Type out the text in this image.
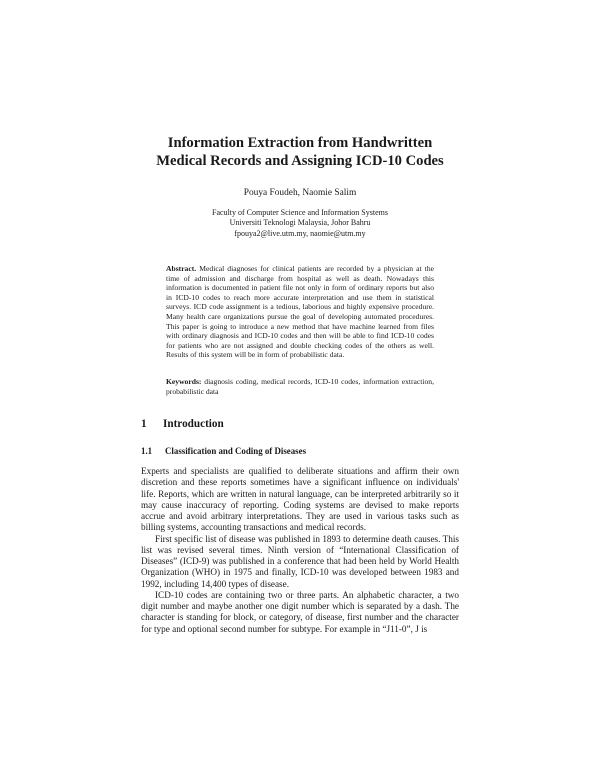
Information Extraction from Handwritten
Medical Records and Assigning ICD-10 Codes
Pouya Foudeh, Naomie Salim
Faculty of Computer Science and Information Systems
Universiti Teknologi Malaysia, Johor Bahru
fpouya2@live.utm.my, naomie@utm.my
Abstract. Medical diagnoses for clinical patients are recorded by a physician at the time of admission and discharge from hospital as well as death. Nowadays this information is documented in patient file not only in form of ordinary reports but also in ICD-10 codes to reach more accurate interpretation and use them in statistical surveys. ICD code assignment is a tedious, laborious and highly expensive procedure. Many health care organizations pursue the goal of developing automated procedures. This paper is going to introduce a new method that have machine learned from files with ordinary diagnosis and ICD-10 codes and then will be able to find ICD-10 codes for patients who are not assigned and double checking codes of the others as well. Results of this system will be in form of probabilistic data.
Keywords: diagnosis coding, medical records, ICD-10 codes, information extraction, probabilistic data
1 Introduction
1.1 Classification and Coding of Diseases

Experts and specialists are qualified to deliberate situations and affirm their own discretion and these reports sometimes have a significant influence on individuals' life. Reports, which are written in natural language, can be interpreted arbitrarily so it may cause inaccuracy of reporting. Coding systems are devised to make reports accrue and avoid arbitrary interpretations. They are used in various tasks such as billing systems, accounting transactions and medical records.

First specific list of disease was published in 1893 to determine death causes. This list was revised several times. Ninth version of “International Classification of Diseases” (ICD-9) was published in a conference that had been held by World Health Organization (WHO) in 1975 and finally, ICD-10 was developed between 1983 and 1992, including 14,400 types of disease.

ICD-10 codes are containing two or three parts. An alphabetic character, a two digit number and maybe another one digit number which is separated by a dash. The character is standing for block, or category, of disease, first number and the character for type and optional second number for subtype. For example in “J11-0”, J is
